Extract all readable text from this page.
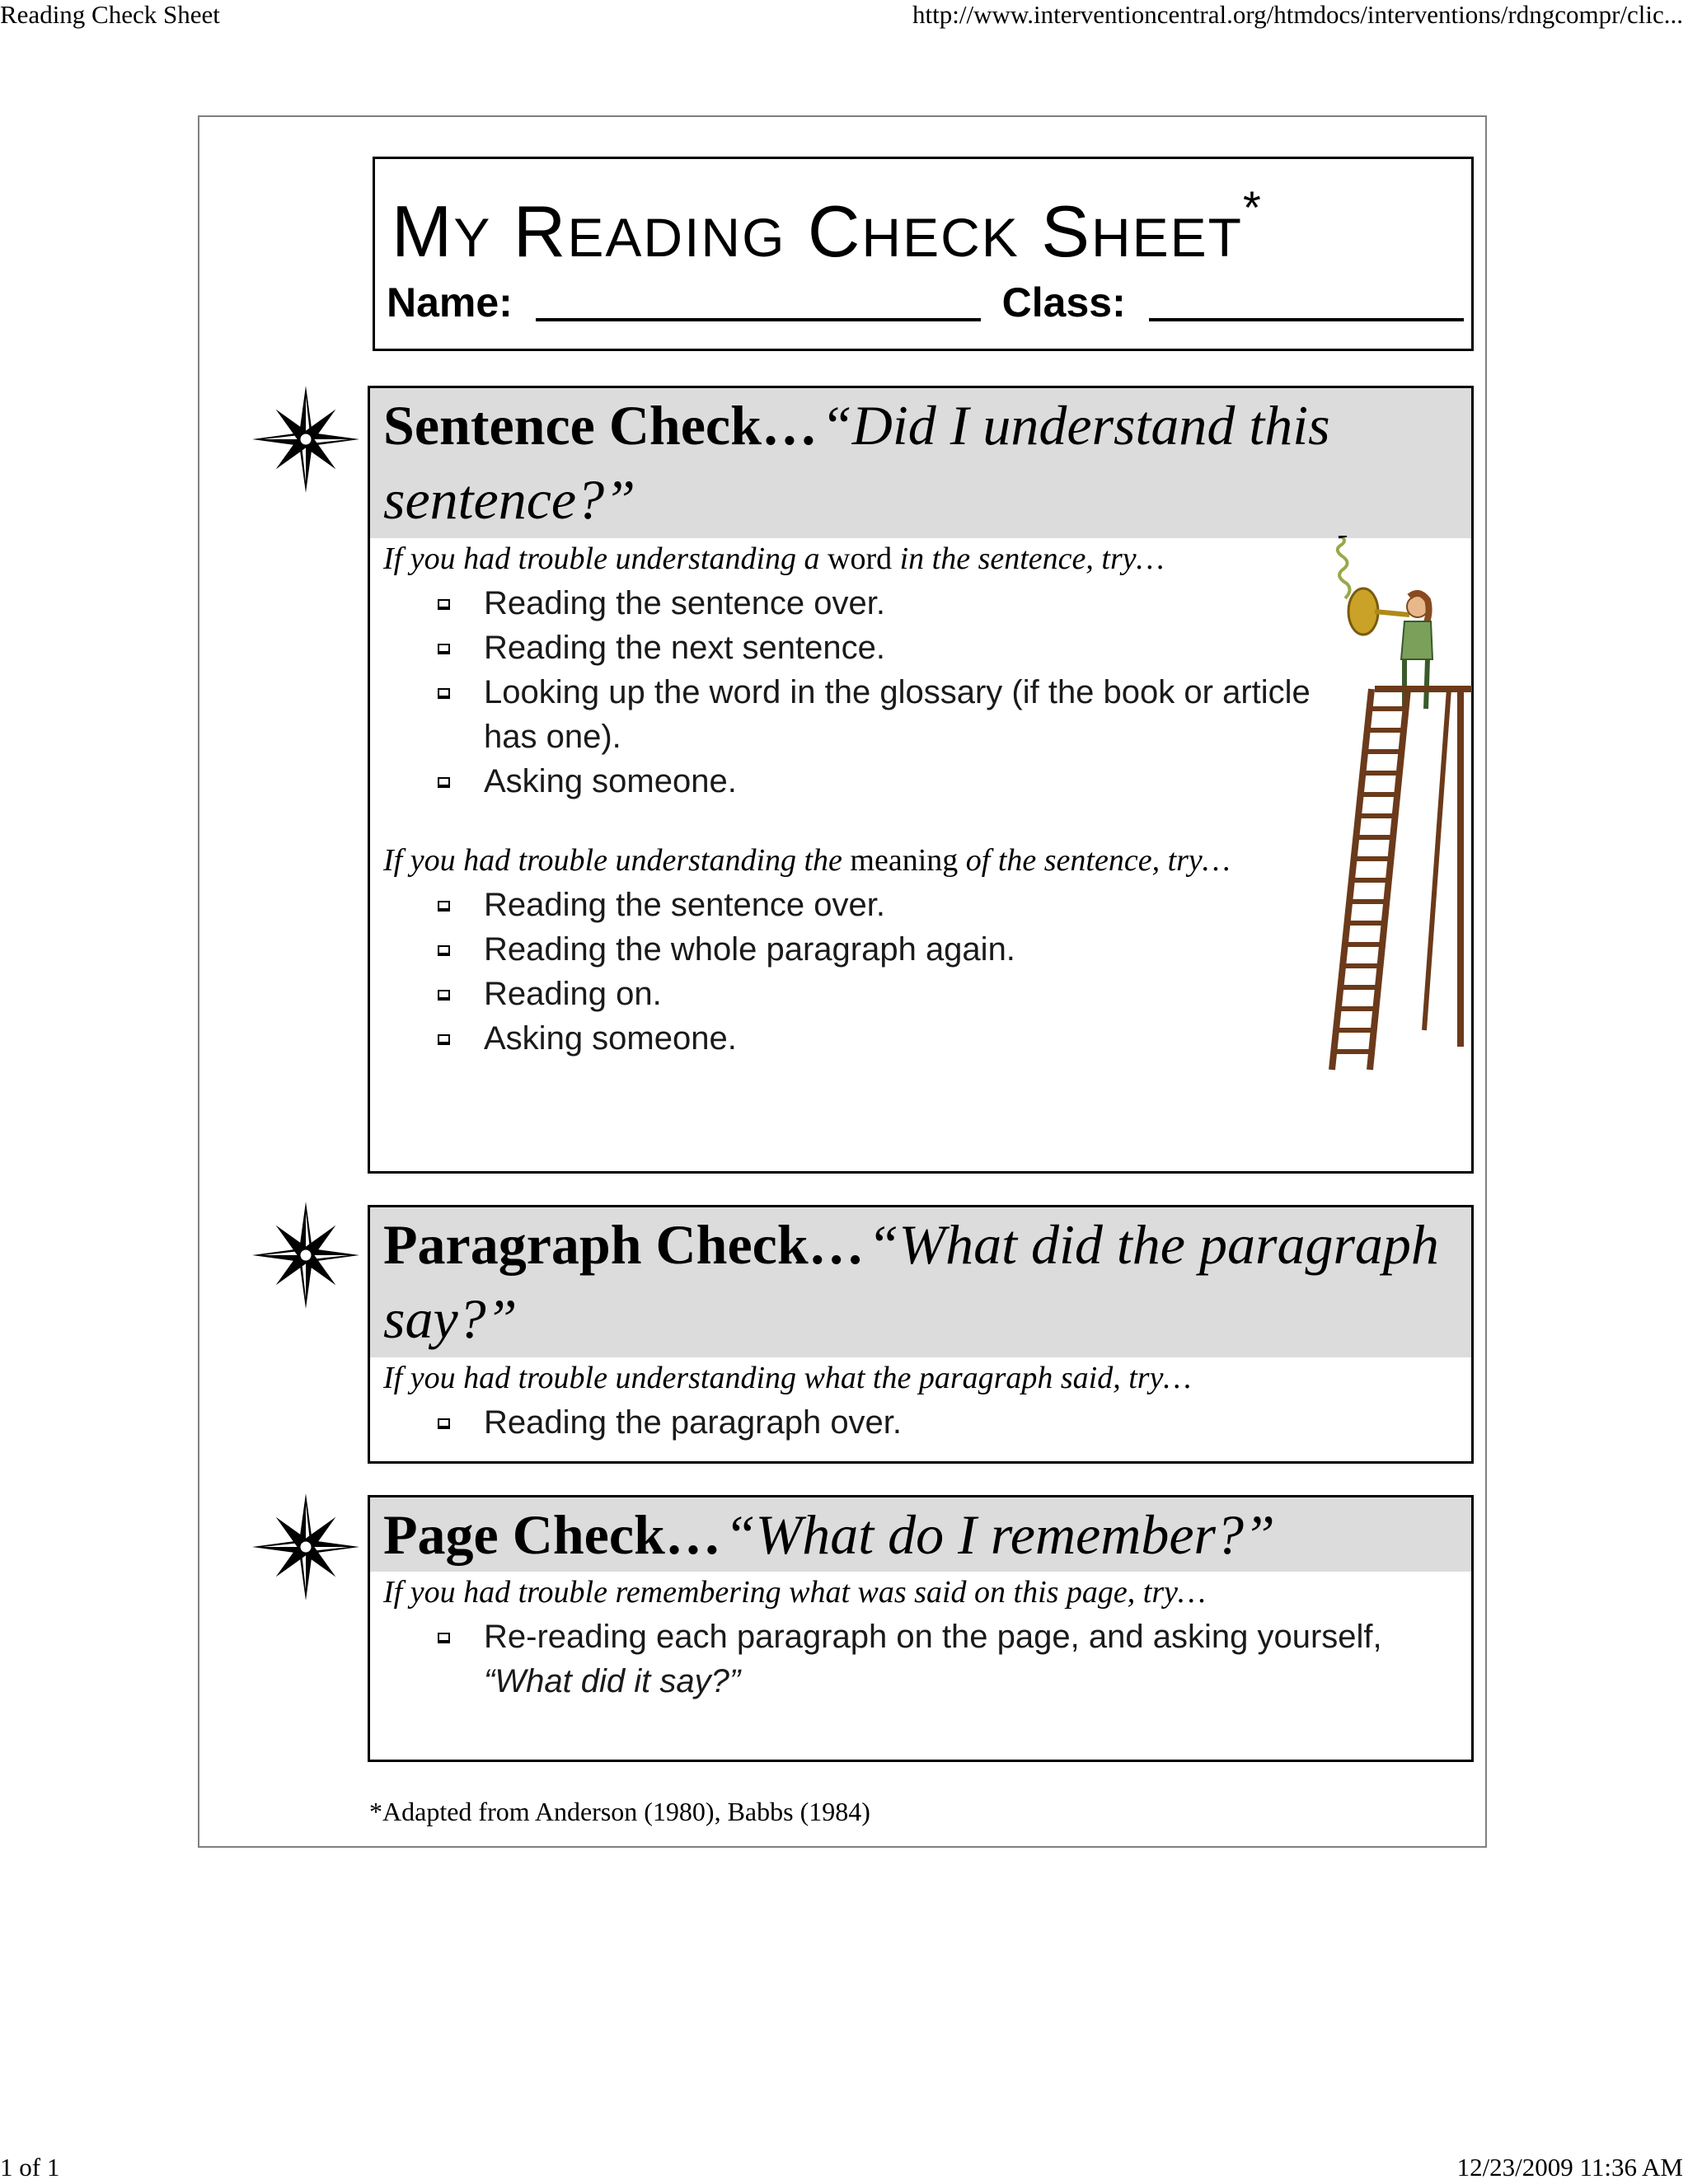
Reading Check Sheet	http://www.interventioncentral.org/htmdocs/interventions/rdngcompr/clic...
1 of 1	12/23/2009 11:36 AM
MY READING CHECK SHEET*
Name:	Class:
Sentence Check… “Did I understand this sentence?”
If you had trouble understanding a word in the sentence, try…
Reading the sentence over.
Reading the next sentence.
Looking up the word in the glossary (if the book or article has one).
Asking someone.
If you had trouble understanding the meaning of the sentence, try…
Reading the sentence over.
Reading the whole paragraph again.
Reading on.
Asking someone.
Paragraph Check… “What did the paragraph say?”
If you had trouble understanding what the paragraph said, try…
Reading the paragraph over.
Page Check… “What do I remember?”
If you had trouble remembering what was said on this page, try…
Re-reading each paragraph on the page, and asking yourself, “What did it say?”
*Adapted from Anderson (1980), Babbs (1984)
